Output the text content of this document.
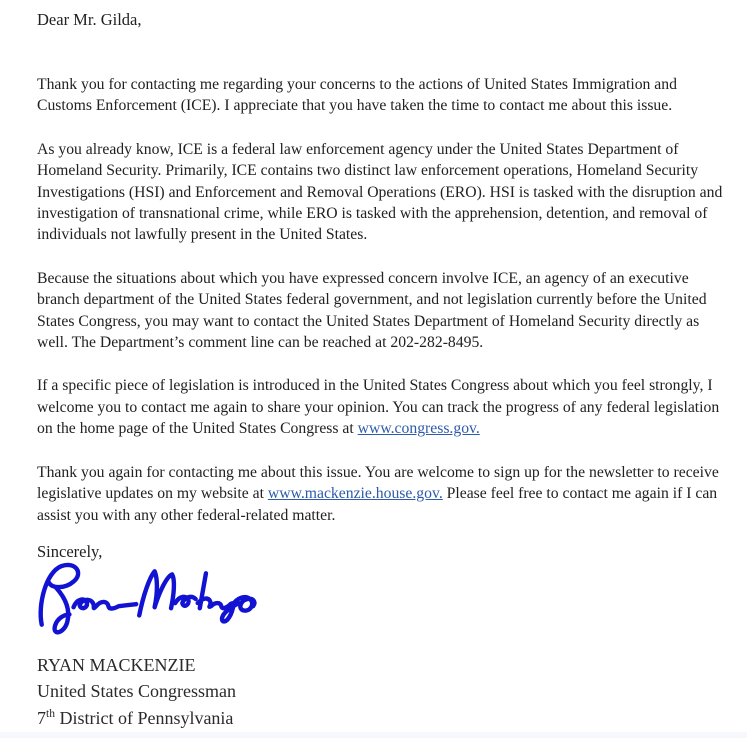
Dear Mr. Gilda,

Thank you for contacting me regarding your concerns to the actions of United States Immigration and Customs Enforcement (ICE). I appreciate that you have taken the time to contact me about this issue.

As you already know, ICE is a federal law enforcement agency under the United States Department of Homeland Security. Primarily, ICE contains two distinct law enforcement operations, Homeland Security Investigations (HSI) and Enforcement and Removal Operations (ERO). HSI is tasked with the disruption and investigation of transnational crime, while ERO is tasked with the apprehension, detention, and removal of individuals not lawfully present in the United States.

Because the situations about which you have expressed concern involve ICE, an agency of an executive branch department of the United States federal government, and not legislation currently before the United States Congress, you may want to contact the United States Department of Homeland Security directly as well. The Department’s comment line can be reached at 202-282-8495.

If a specific piece of legislation is introduced in the United States Congress about which you feel strongly, I welcome you to contact me again to share your opinion. You can track the progress of any federal legislation on the home page of the United States Congress at www.congress.gov.

Thank you again for contacting me about this issue. You are welcome to sign up for the newsletter to receive legislative updates on my website at www.mackenzie.house.gov. Please feel free to contact me again if I can assist you with any other federal-related matter.

Sincerely,

RYAN MACKENZIE
United States Congressman
7th District of Pennsylvania
